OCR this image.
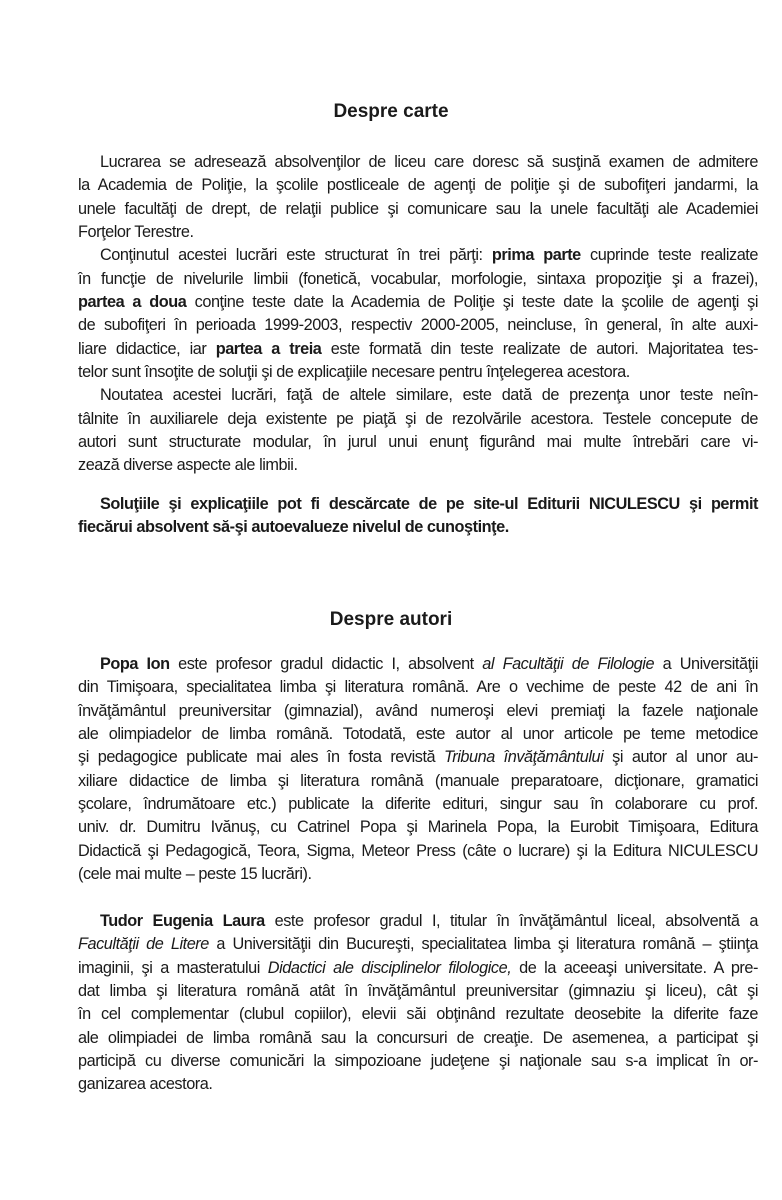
Despre carte
Lucrarea se adresează absolvenţilor de liceu care doresc să susţină examen de admitere
la Academia de Poliţie, la şcolile postliceale de agenţi de poliţie şi de subofiţeri jandarmi, la
unele facultăţi de drept, de relaţii publice şi comunicare sau la unele facultăţi ale Academiei
Forţelor Terestre.
Conţinutul acestei lucrări este structurat în trei părţi: prima parte cuprinde teste realizate
în funcţie de nivelurile limbii (fonetică, vocabular, morfologie, sintaxa propoziţie şi a frazei),
partea a doua conţine teste date la Academia de Poliţie şi teste date la şcolile de agenţi şi
de subofiţeri în perioada 1999-2003, respectiv 2000-2005, neincluse, în general, în alte auxi-
liare didactice, iar partea a treia este formată din teste realizate de autori. Majoritatea tes-
telor sunt însoţite de soluţii şi de explicaţiile necesare pentru înţelegerea acestora.
Noutatea acestei lucrări, faţă de altele similare, este dată de prezenţa unor teste neîn-
tâlnite în auxiliarele deja existente pe piaţă şi de rezolvările acestora. Testele concepute de
autori sunt structurate modular, în jurul unui enunţ figurând mai multe întrebări care vi-
zează diverse aspecte ale limbii.
Soluţiile şi explicaţiile pot fi descărcate de pe site-ul Editurii NICULESCU şi permit
fiecărui absolvent să-şi autoevalueze nivelul de cunoştinţe.
Despre autori
Popa Ion este profesor gradul didactic I, absolvent al Facultăţii de Filologie a Universităţii
din Timişoara, specialitatea limba şi literatura română. Are o vechime de peste 42 de ani în
învăţământul preuniversitar (gimnazial), având numeroşi elevi premiaţi la fazele naţionale
ale olimpiadelor de limba română. Totodată, este autor al unor articole pe teme metodice
şi pedagogice publicate mai ales în fosta revistă Tribuna învăţământului şi autor al unor au-
xiliare didactice de limba şi literatura română (manuale preparatoare, dicţionare, gramatici
şcolare, îndrumătoare etc.) publicate la diferite edituri, singur sau în colaborare cu prof.
univ. dr. Dumitru Ivănuş, cu Catrinel Popa şi Marinela Popa, la Eurobit Timişoara, Editura
Didactică şi Pedagogică, Teora, Sigma, Meteor Press (câte o lucrare) şi la Editura NICULESCU
(cele mai multe – peste 15 lucrări).
Tudor Eugenia Laura este profesor gradul I, titular în învăţământul liceal, absolventă a
Facultăţii de Litere a Universităţii din Bucureşti, specialitatea limba şi literatura română – ştiinţa
imaginii, şi a masteratului Didactici ale disciplinelor filologice, de la aceeaşi universitate. A pre-
dat limba şi literatura română atât în învăţământul preuniversitar (gimnaziu şi liceu), cât şi
în cel complementar (clubul copiilor), elevii săi obţinând rezultate deosebite la diferite faze
ale olimpiadei de limba română sau la concursuri de creaţie. De asemenea, a participat şi
participă cu diverse comunicări la simpozioane judeţene şi naţionale sau s-a implicat în or-
ganizarea acestora.
